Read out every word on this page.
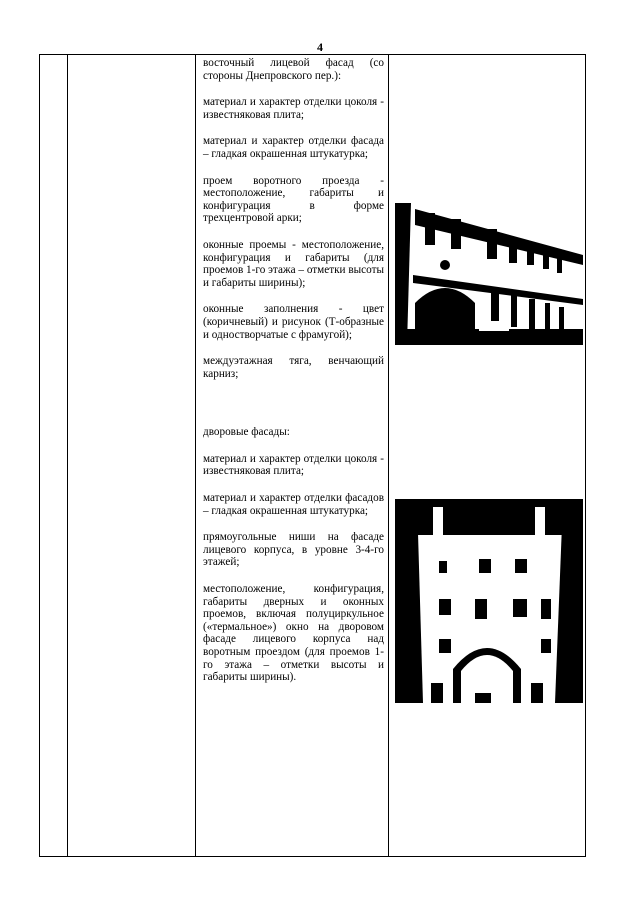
4

восточный лицевой фасад (со стороны Днепровского пер.):

материал и характер отделки цоколя - известняковая плита;

материал и характер отделки фасада – гладкая окрашенная штукатурка;

проем воротного проезда - местоположение, габариты и конфигурация в форме трехцентровой арки;

оконные проемы - местоположение, конфигурация и габариты (для проемов 1-го этажа – отметки высоты и габариты ширины);

оконные заполнения - цвет (коричневый) и рисунок (Т-образные и одностворчатые с фрамугой);

междуэтажная тяга, венчающий карниз;

дворовые фасады:

материал и характер отделки цоколя - известняковая плита;

материал и характер отделки фасадов – гладкая окрашенная штукатурка;

прямоугольные ниши на фасаде лицевого корпуса, в уровне 3-4-го этажей;

местоположение, конфигурация, габариты дверных и оконных проемов, включая полуциркульное («термальное») окно на дворовом фасаде лицевого корпуса над воротным проездом (для проемов 1-го этажа – отметки высоты и габариты ширины).
